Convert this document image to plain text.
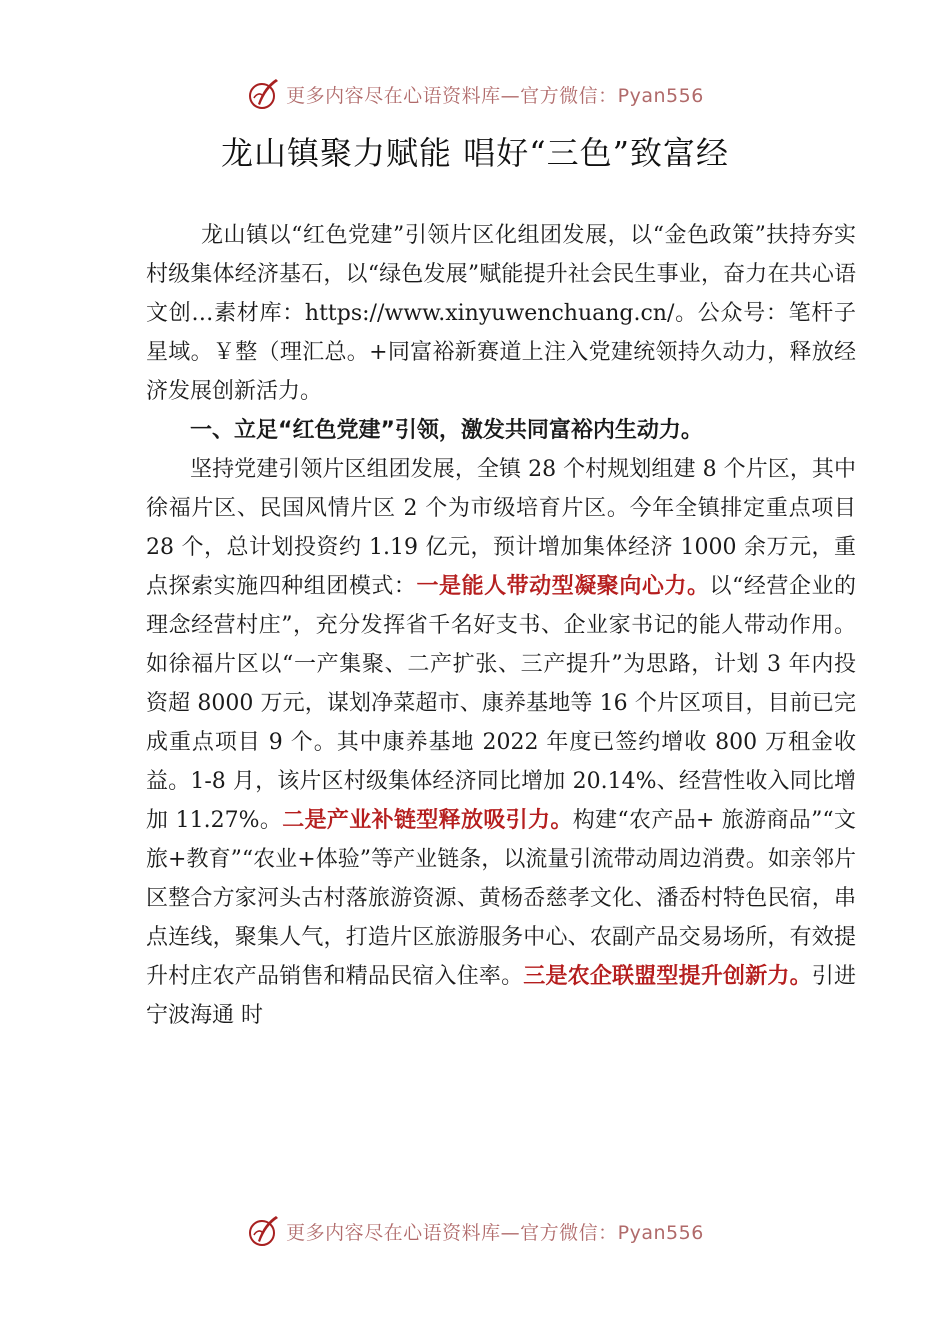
更多内容尽在心语资料库—官方微信：Pyan556
龙山镇聚力赋能 唱好“三色”致富经

龙山镇以“红色党建”引领片区化组团发展，以“金色政策”扶持夯实村级集体经济基石，以“绿色发展”赋能提升社会民生事业，奋力在共心语文创…素材库：https://www.xinyuwenchuang.cn/。公众号：笔杆子星域。￥整（理汇总。+同富裕新赛道上注入党建统领持久动力，释放经济发展创新活力。

一、立足“红色党建”引领，激发共同富裕内生动力。

坚持党建引领片区组团发展，全镇 28 个村规划组建 8 个片区，其中徐福片区、民国风情片区 2 个为市级培育片区。今年全镇排定重点项目 28 个，总计划投资约 1.19 亿元，预计增加集体经济 1000 余万元，重点探索实施四种组团模式：一是能人带动型凝聚向心力。以“经营企业的理念经营村庄”，充分发挥省千名好支书、企业家书记的能人带动作用。如徐福片区以“一产集聚、二产扩张、三产提升”为思路，计划 3 年内投资超 8000 万元，谋划净菜超市、康养基地等 16 个片区项目，目前已完成重点项目 9 个。其中康养基地 2022 年度已签约增收 800 万租金收益。1-8 月，该片区村级集体经济同比增加 20.14%、经营性收入同比增加 11.27%。二是产业补链型释放吸引力。构建“农产品+ 旅游商品”“文旅+教育”“农业+体验”等产业链条，以流量引流带动周边消费。如亲邻片区整合方家河头古村落旅游资源、黄杨岙慈孝文化、潘岙村特色民宿，串点连线，聚集人气，打造片区旅游服务中心、农副产品交易场所，有效提升村庄农产品销售和精品民宿入住率。三是农企联盟型提升创新力。引进宁波海通 时

更多内容尽在心语资料库—官方微信：Pyan556
